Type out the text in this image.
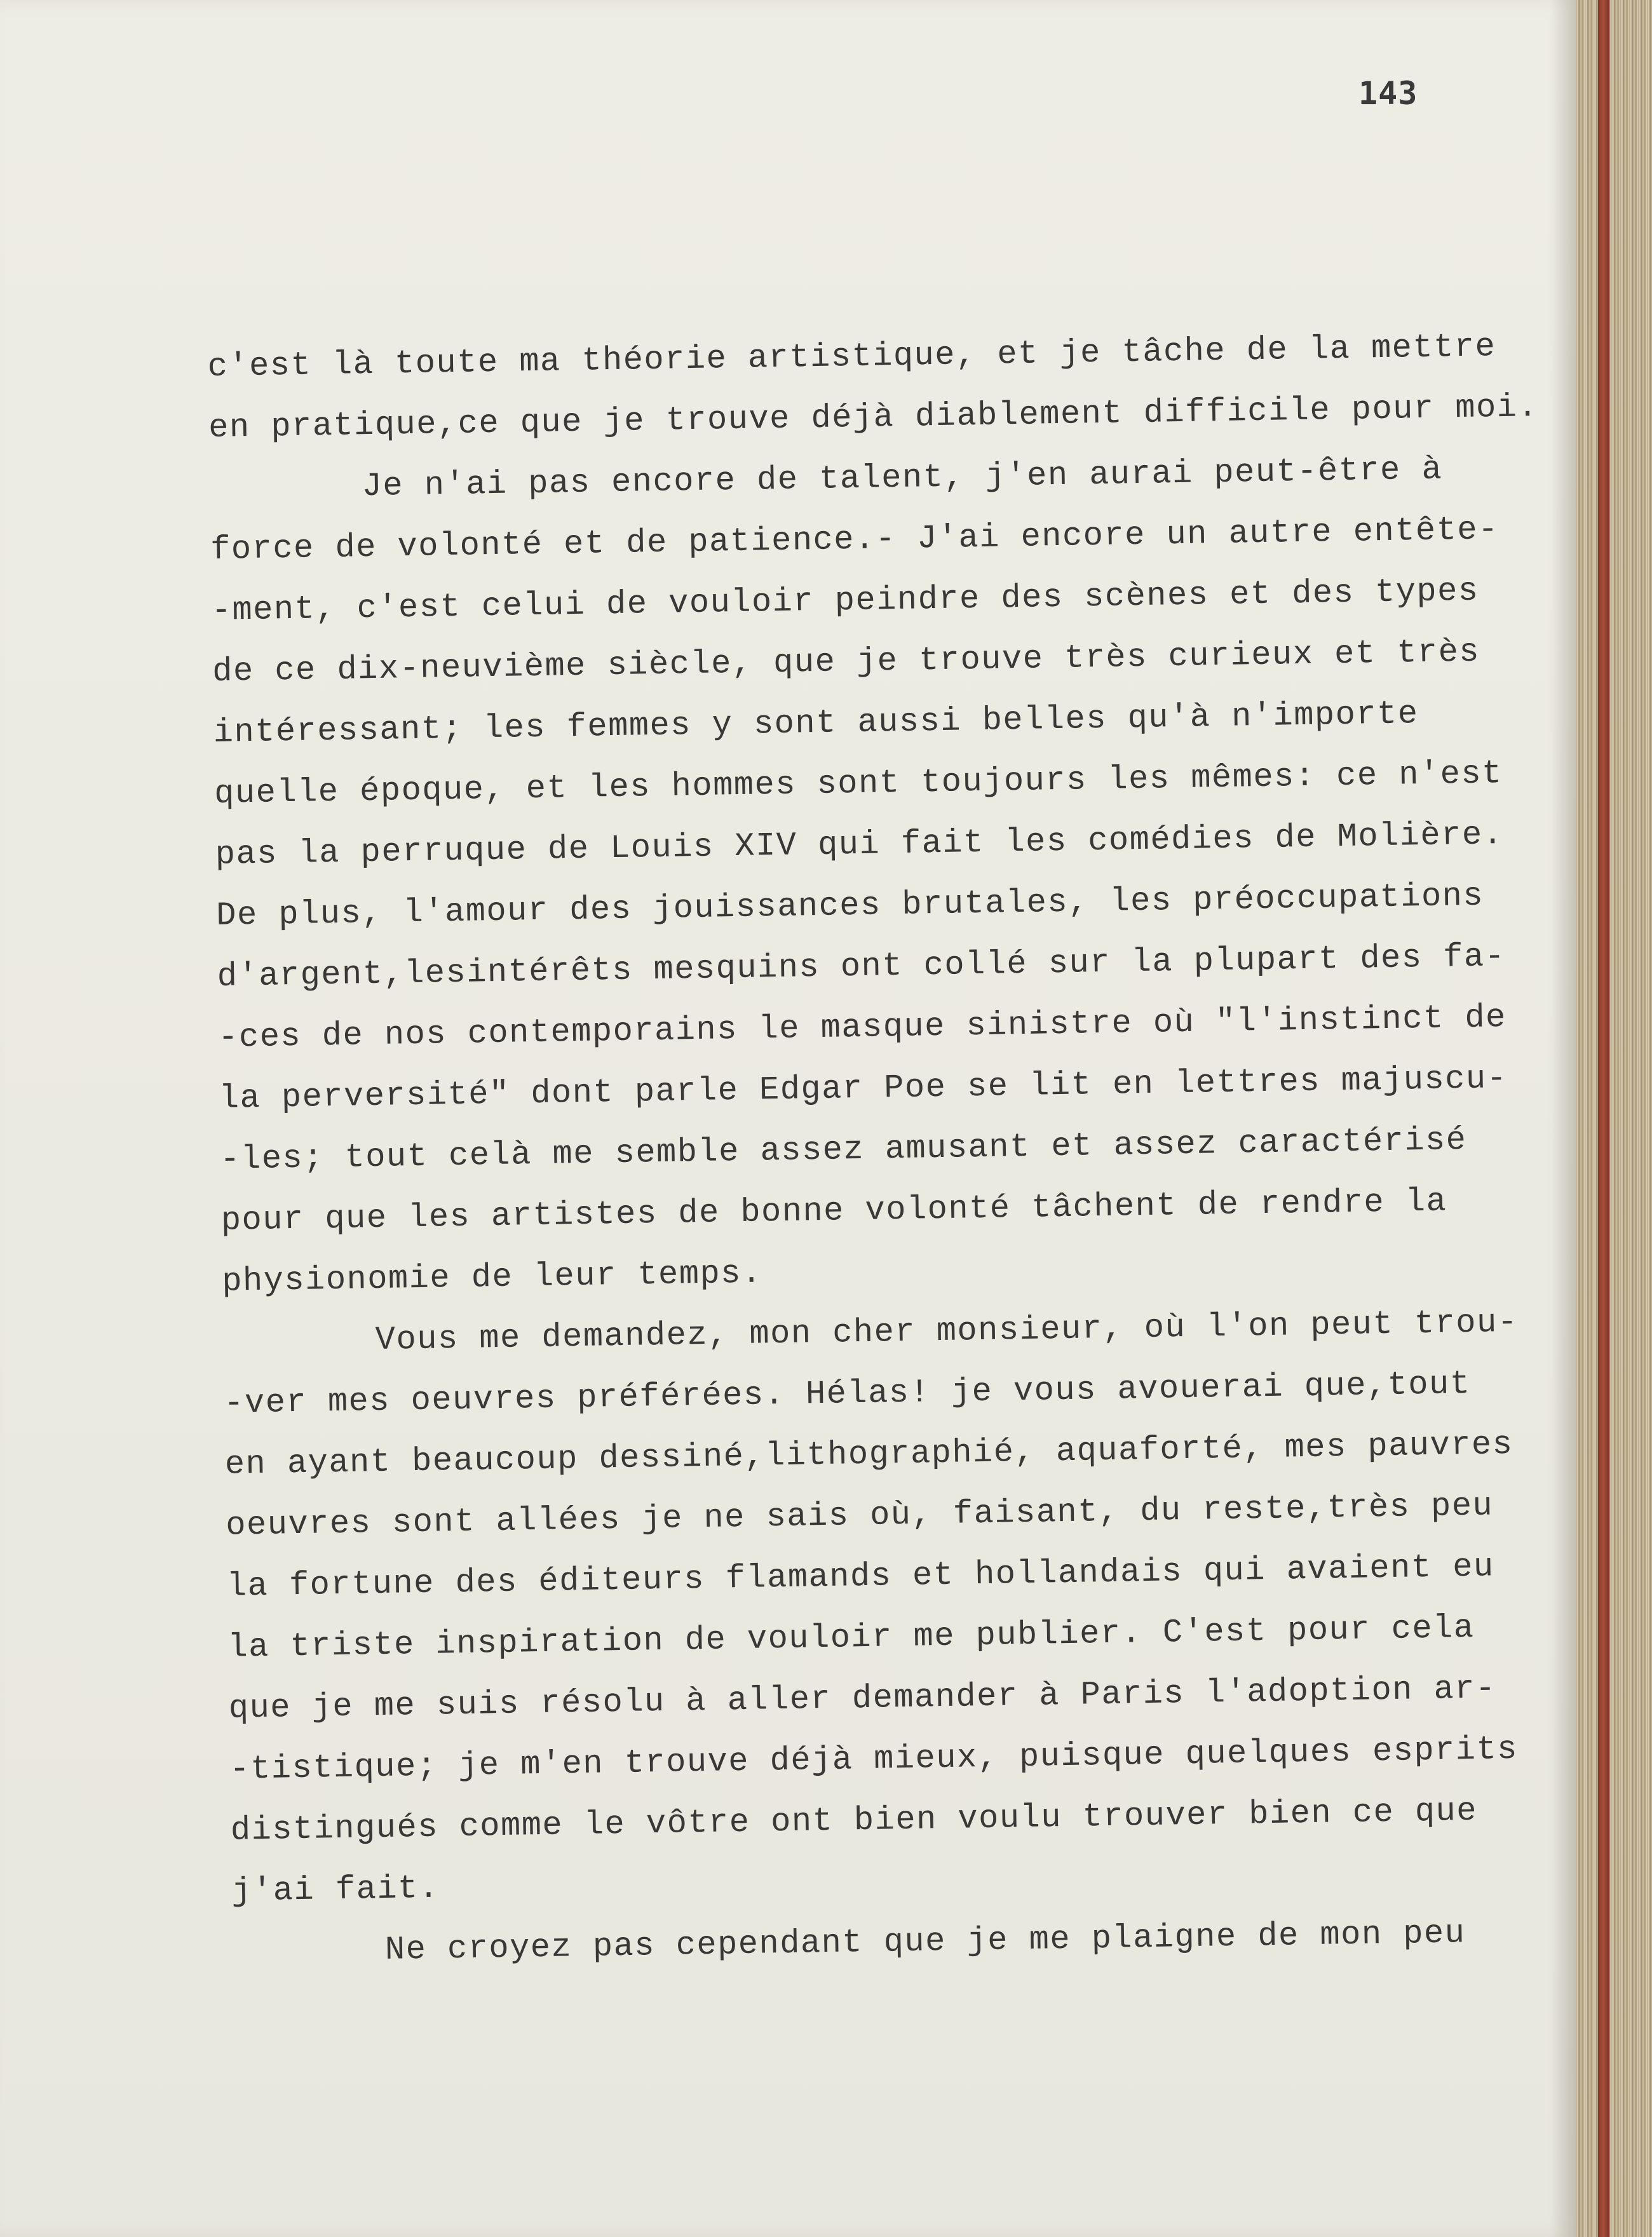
143
c'est là toute ma théorie artistique, et je tâche de la mettre
en pratique,ce que je trouve déjà diablement difficile pour moi.
Je n'ai pas encore de talent, j'en aurai peut-être à
force de volonté et de patience.- J'ai encore un autre entête-
-ment, c'est celui de vouloir peindre des scènes et des types
de ce dix-neuvième siècle, que je trouve très curieux et très
intéressant; les femmes y sont aussi belles qu'à n'importe
quelle époque, et les hommes sont toujours les mêmes: ce n'est
pas la perruque de Louis XIV qui fait les comédies de Molière.
De plus, l'amour des jouissances brutales, les préoccupations
d'argent,lesintérêts mesquins ont collé sur la plupart des fa-
-ces de nos contemporains le masque sinistre où "l'instinct de
la perversité" dont parle Edgar Poe se lit en lettres majuscu-
-les; tout celà me semble assez amusant et assez caractérisé
pour que les artistes de bonne volonté tâchent de rendre la
physionomie de leur temps.
Vous me demandez, mon cher monsieur, où l'on peut trou-
-ver mes oeuvres préférées. Hélas! je vous avouerai que,tout
en ayant beaucoup dessiné,lithographié, aquaforté, mes pauvres
oeuvres sont allées je ne sais où, faisant, du reste,très peu
la fortune des éditeurs flamands et hollandais qui avaient eu
la triste inspiration de vouloir me publier. C'est pour cela
que je me suis résolu à aller demander à Paris l'adoption ar-
-tistique; je m'en trouve déjà mieux, puisque quelques esprits
distingués comme le vôtre ont bien voulu trouver bien ce que
j'ai fait.
Ne croyez pas cependant que je me plaigne de mon peu
